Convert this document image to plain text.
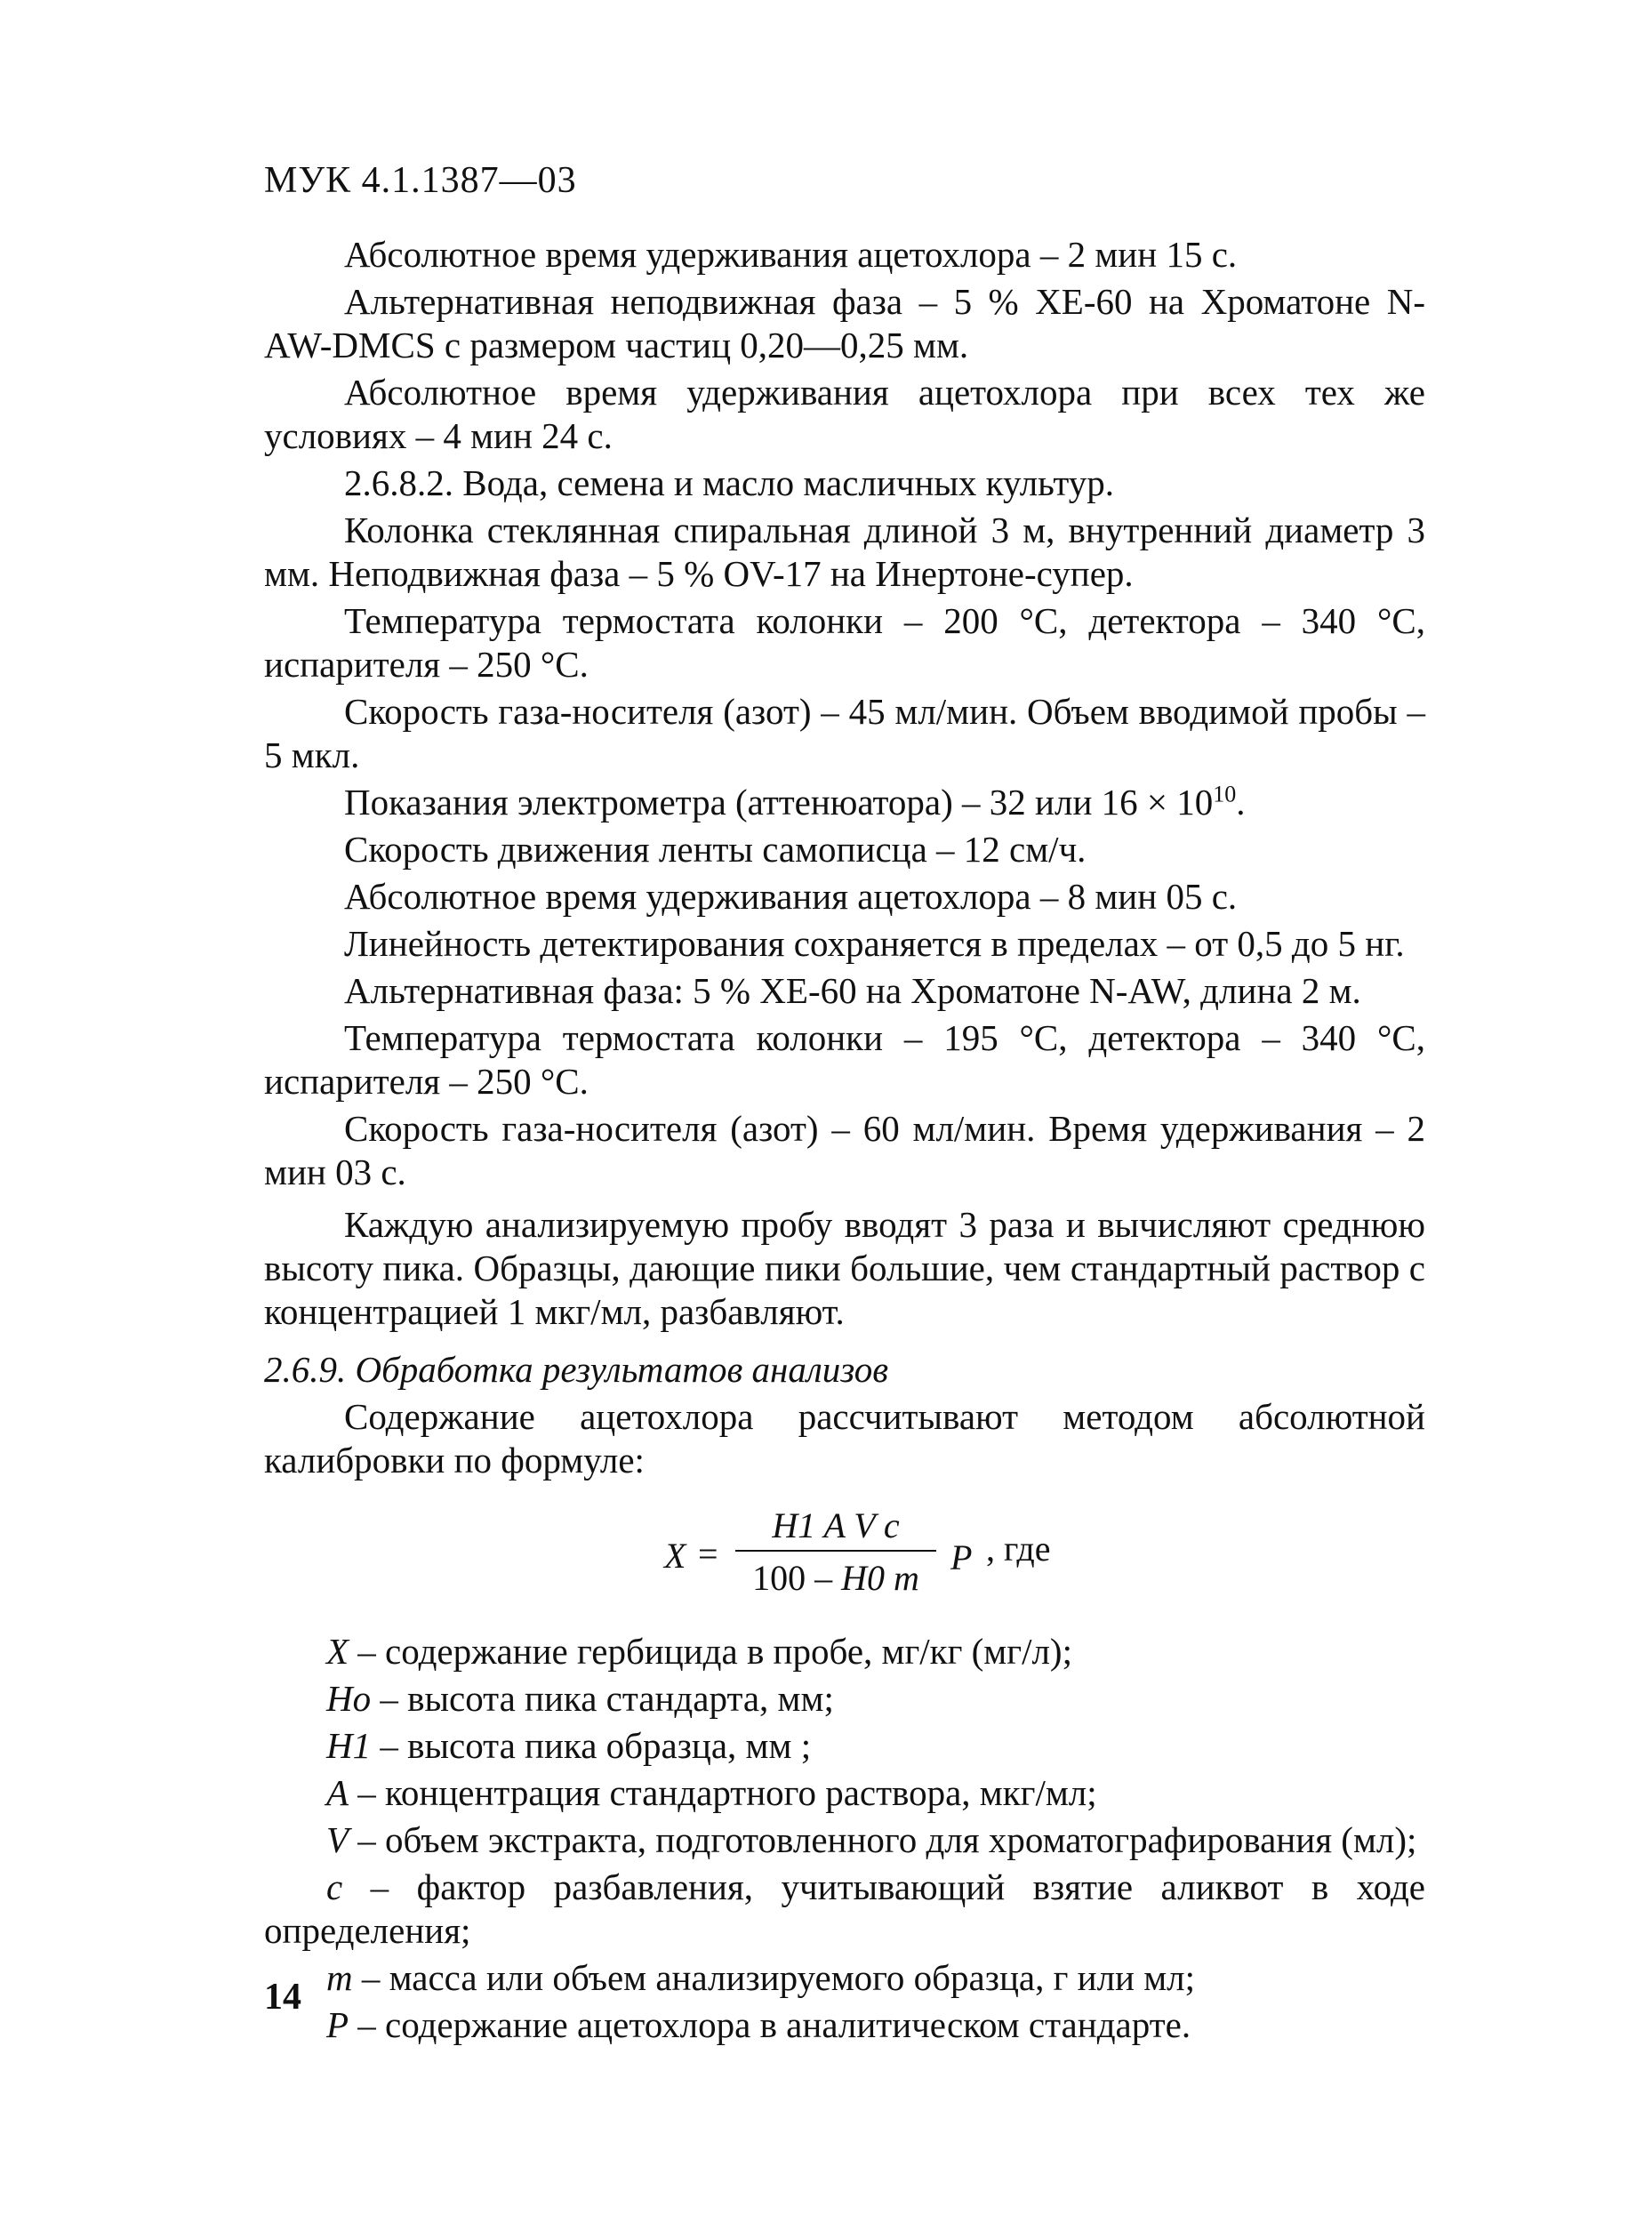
МУК 4.1.1387—03

Абсолютное время удерживания ацетохлора – 2 мин 15 с.

Альтернативная неподвижная фаза – 5 % XE-60 на Хроматоне N-AW-DMCS с размером частиц 0,20—0,25 мм.

Абсолютное время удерживания ацетохлора при всех тех же условиях – 4 мин 24 с.

2.6.8.2. Вода, семена и масло масличных культур.

Колонка стеклянная спиральная длиной 3 м, внутренний диаметр 3 мм. Неподвижная фаза – 5 % OV-17 на Инертоне-супер.

Температура термостата колонки – 200 °С, детектора – 340 °С, испарителя – 250 °С.

Скорость газа-носителя (азот) – 45 мл/мин. Объем вводимой пробы – 5 мкл.

Показания электрометра (аттенюатора) – 32 или $16 \times 10^{10}$.

Скорость движения ленты самописца – 12 см/ч.

Абсолютное время удерживания ацетохлора – 8 мин 05 с.

Линейность детектирования сохраняется в пределах – от 0,5 до 5 нг.

Альтернативная фаза: 5 % XE-60 на Хроматоне N-AW, длина 2 м.

Температура термостата колонки – 195 °С, детектора – 340 °С, испарителя – 250 °С.

Скорость газа-носителя (азот) – 60 мл/мин. Время удерживания – 2 мин 03 с.

Каждую анализируемую пробу вводят 3 раза и вычисляют среднюю высоту пика. Образцы, дающие пики большие, чем стандартный раствор с концентрацией 1 мкг/мл, разбавляют.

2.6.9. Обработка результатов анализов

Содержание ацетохлора рассчитывают методом абсолютной калибровки по формуле:

X =
H1 A V c
100 – H0 m
P , где

X – содержание гербицида в пробе, мг/кг (мг/л);

Ho – высота пика стандарта, мм;

H1 – высота пика образца, мм ;

A – концентрация стандартного раствора, мкг/мл;

V – объем экстракта, подготовленного для хроматографирования (мл);

c – фактор разбавления, учитывающий взятие аликвот в ходе определения;

m – масса или объем анализируемого образца, г или мл;

P – содержание ацетохлора в аналитическом стандарте.

14
